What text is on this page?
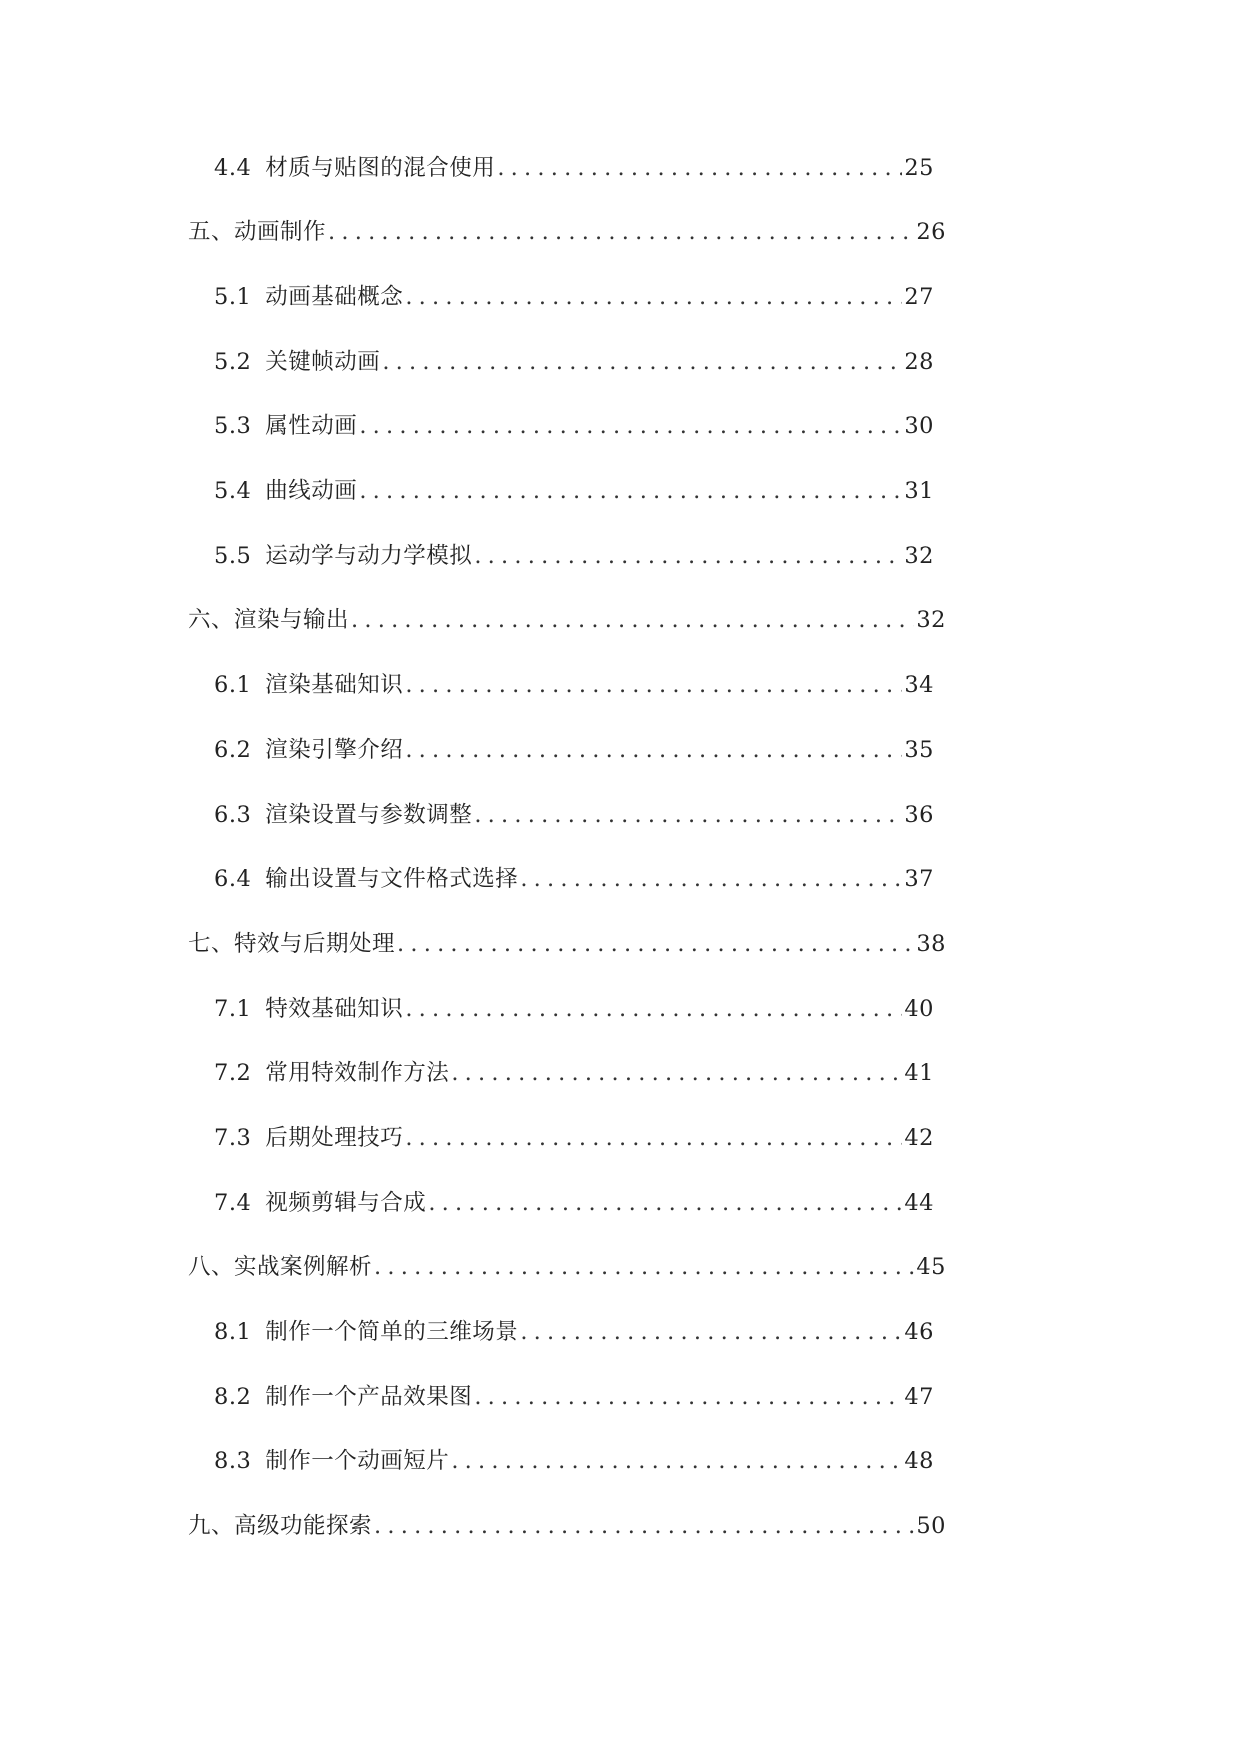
4.4 材质与贴图的混合使用 .....	25
五、动画制作 .....	26
5.1 动画基础概念 .....	27
5.2 关键帧动画 .....	28
5.3 属性动画 .....	30
5.4 曲线动画 .....	31
5.5 运动学与动力学模拟 .....	32
六、渲染与输出 .....	32
6.1 渲染基础知识 .....	34
6.2 渲染引擎介绍 .....	35
6.3 渲染设置与参数调整 .....	36
6.4 输出设置与文件格式选择 .....	37
七、特效与后期处理 .....	38
7.1 特效基础知识 .....	40
7.2 常用特效制作方法 .....	41
7.3 后期处理技巧 .....	42
7.4 视频剪辑与合成 .....	44
八、实战案例解析 .....	45
8.1 制作一个简单的三维场景 .....	46
8.2 制作一个产品效果图 .....	47
8.3 制作一个动画短片 .....	48
九、高级功能探索 .....	50
